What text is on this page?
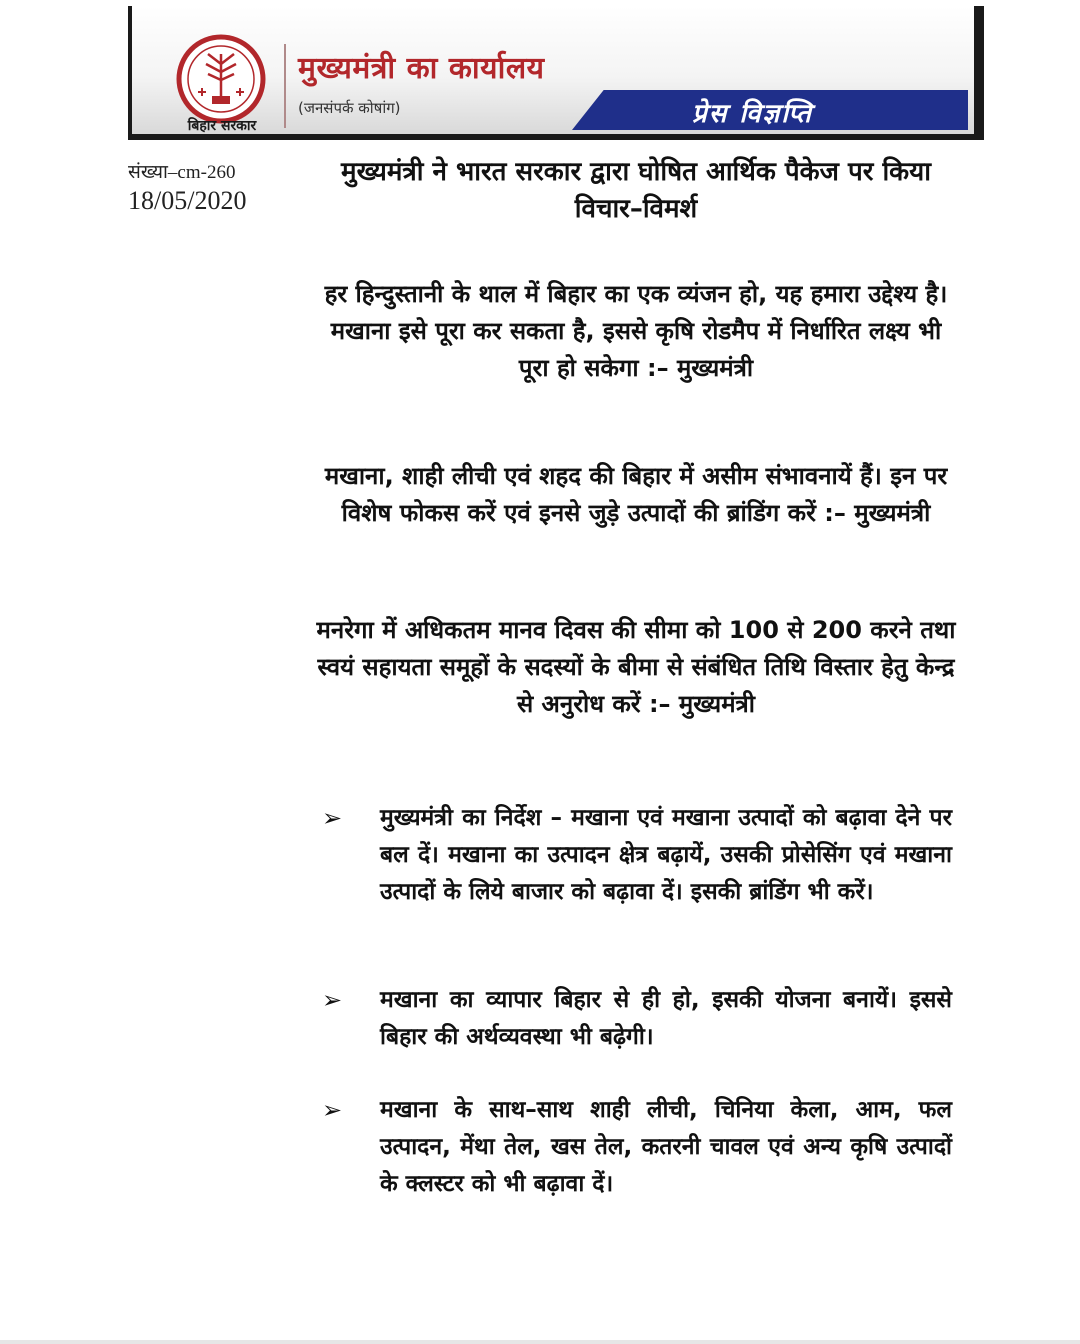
बिहार सरकार
मुख्यमंत्री का कार्यालय
(जनसंपर्क कोषांग)	प्रेस विज्ञप्ति
संख्या–cm-260
18/05/2020
मुख्यमंत्री ने भारत सरकार द्वारा घोषित आर्थिक पैकेज पर किया विचार–विमर्श
हर हिन्दुस्तानी के थाल में बिहार का एक व्यंजन हो, यह हमारा उद्देश्य है। मखाना इसे पूरा कर सकता है, इससे कृषि रोडमैप में निर्धारित लक्ष्य भी पूरा हो सकेगा :– मुख्यमंत्री
मखाना, शाही लीची एवं शहद की बिहार में असीम संभावनायें हैं। इन पर विशेष फोकस करें एवं इनसे जुड़े उत्पादों की ब्रांडिंग करें :– मुख्यमंत्री
मनरेगा में अधिकतम मानव दिवस की सीमा को 100 से 200 करने तथा स्वयं सहायता समूहों के सदस्यों के बीमा से संबंधित तिथि विस्तार हेतु केन्द्र से अनुरोध करें :– मुख्यमंत्री
➢ मुख्यमंत्री का निर्देश – मखाना एवं मखाना उत्पादों को बढ़ावा देने पर बल दें। मखाना का उत्पादन क्षेत्र बढ़ायें, उसकी प्रोसेसिंग एवं मखाना उत्पादों के लिये बाजार को बढ़ावा दें। इसकी ब्रांडिंग भी करें।
➢ मखाना का व्यापार बिहार से ही हो, इसकी योजना बनायें। इससे बिहार की अर्थव्यवस्था भी बढ़ेगी।
➢ मखाना के साथ–साथ शाही लीची, चिनिया केला, आम, फल उत्पादन, मेंथा तेल, खस तेल, कतरनी चावल एवं अन्य कृषि उत्पादों के क्लस्टर को भी बढ़ावा दें।
